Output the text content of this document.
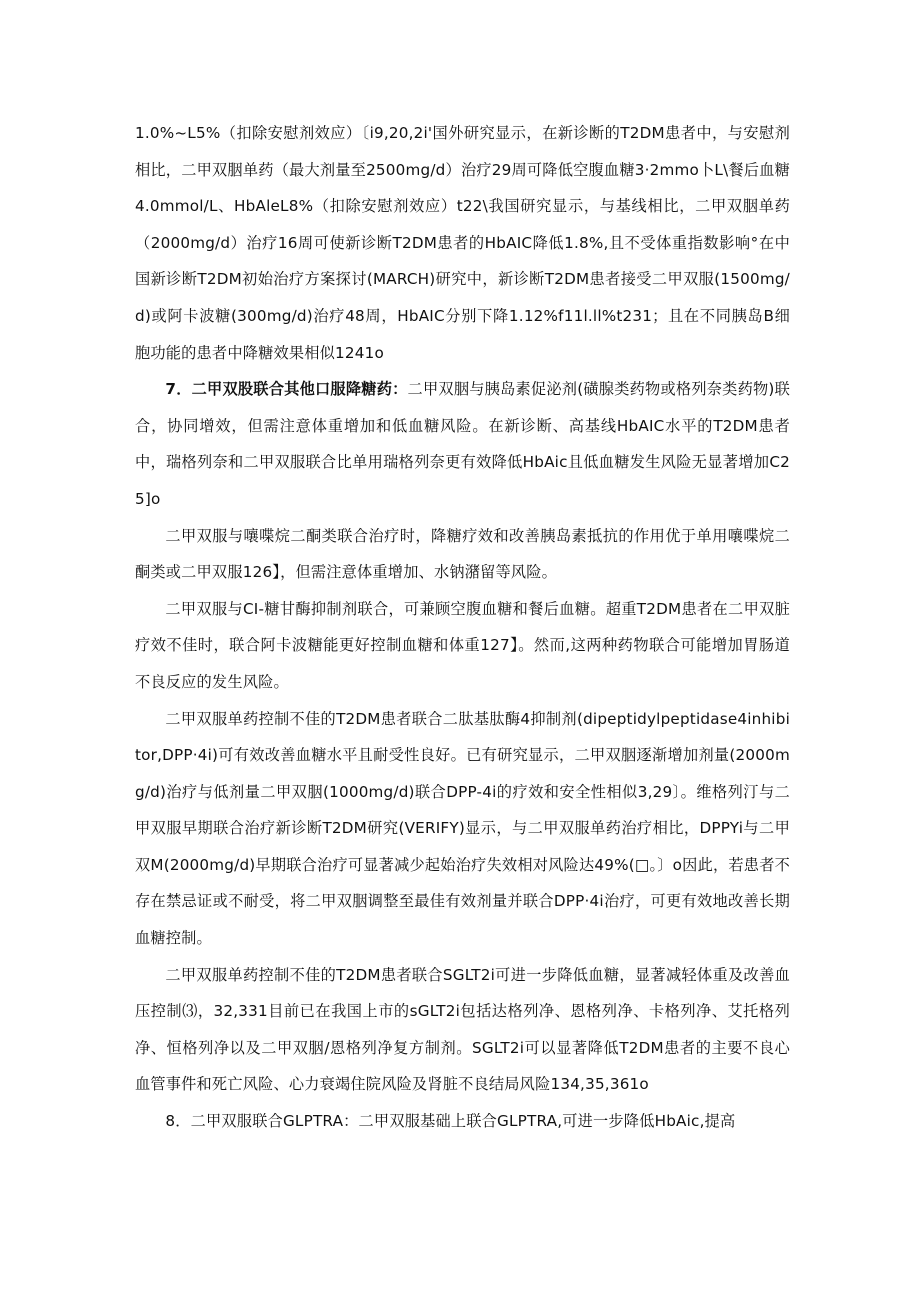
1.0%~L5%（扣除安慰剂效应）〔i9,20,2i'国外研究显示，在新诊断的T2DM患者中，与安慰剂相比，二甲双胭单药（最大剂量至2500mg/d）治疗29周可降低空腹血糖3·2mmo卜L\餐后血糖4.0mmol/L、HbAleL8%（扣除安慰剂效应）t22\我国研究显示，与基线相比，二甲双胭单药（2000mg/d）治疗16周可使新诊断T2DM患者的HbAIC降低1.8%,且不受体重指数影响°在中国新诊断T2DM初始治疗方案探讨(MARCH)研究中，新诊断T2DM患者接受二甲双服(1500mg∕d)或阿卡波糖(300mg∕d)治疗48周，HbAIC分别下降1.12%f11l.ll%t231；且在不同胰岛B细胞功能的患者中降糖效果相似1241o

7．二甲双股联合其他口服降糖药：二甲双胭与胰岛素促泌剂(磺腺类药物或格列奈类药物)联合，协同增效，但需注意体重增加和低血糖风险。在新诊断、高基线HbAIC水平的T2DM患者中，瑞格列奈和二甲双服联合比单用瑞格列奈更有效降低HbAic且低血糖发生风险无显著增加C25]o

二甲双服与嚷喋烷二酮类联合治疗时，降糖疗效和改善胰岛素抵抗的作用优于单用嚷喋烷二酮类或二甲双服126】，但需注意体重增加、水钠潴留等风险。

二甲双服与CI-糖甘酶抑制剂联合，可兼顾空腹血糖和餐后血糖。超重T2DM患者在二甲双脏疗效不佳时，联合阿卡波糖能更好控制血糖和体重127】。然而,这两种药物联合可能增加胃肠道不良反应的发生风险。

二甲双服单药控制不佳的T2DM患者联合二肽基肽酶4抑制剂(dipeptidylpeptidase4inhibitor,DPP·4i)可有效改善血糖水平且耐受性良好。已有研究显示，二甲双胭逐渐增加剂量(2000mg∕d)治疗与低剂量二甲双胭(1000mg∕d)联合DPP-4i的疗效和安全性相似3,29〕。维格列汀与二甲双服早期联合治疗新诊断T2DM研究(VERIFY)显示，与二甲双服单药治疗相比，DPPYi与二甲双M(2000mg∕d)早期联合治疗可显著减少起始治疗失效相对风险达49%(□。〕o因此，若患者不存在禁忌证或不耐受，将二甲双胭调整至最佳有效剂量并联合DPP·4i治疗，可更有效地改善长期血糖控制。

二甲双服单药控制不佳的T2DM患者联合SGLT2i可进一步降低血糖，显著减轻体重及改善血压控制⑶，32,331目前已在我国上市的sGLT2i包括达格列净、恩格列净、卡格列净、艾托格列净、恒格列净以及二甲双胭/恩格列净复方制剂。SGLT2i可以显著降低T2DM患者的主要不良心血管事件和死亡风险、心力衰竭住院风险及肾脏不良结局风险134,35,361o

8．二甲双服联合GLPTRA：二甲双服基础上联合GLPTRA,可进一步降低HbAic,提高
